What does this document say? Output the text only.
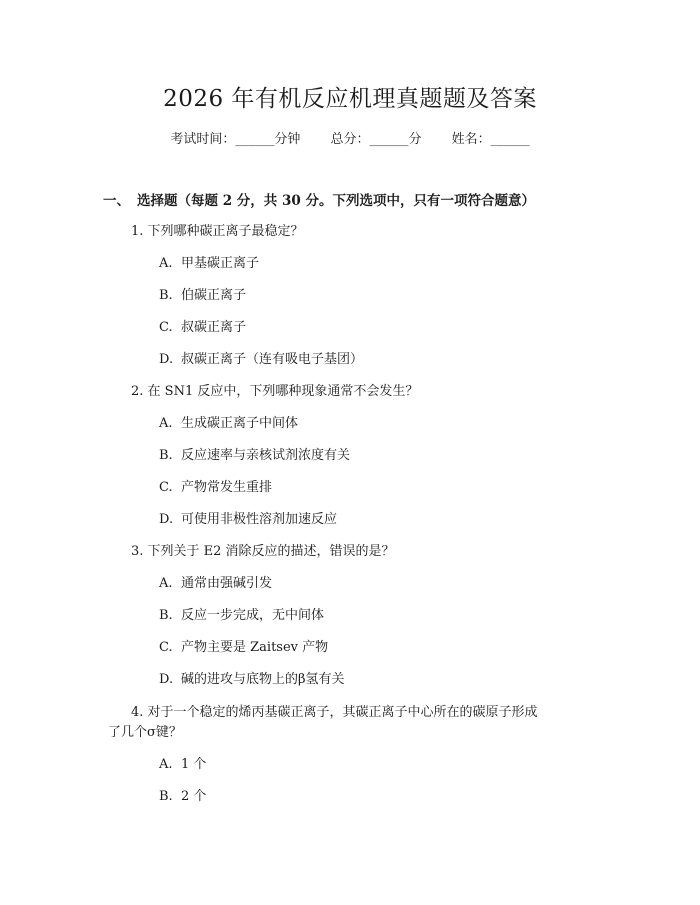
2026 年有机反应机理真题题及答案
考试时间：______分钟 总分：______分 姓名：______
一、 选择题（每题 2 分，共 30 分。下列选项中，只有一项符合题意）
1. 下列哪种碳正离子最稳定？
A. 甲基碳正离子
B. 伯碳正离子
C. 叔碳正离子
D. 叔碳正离子（连有吸电子基团）
2. 在 SN1 反应中，下列哪种现象通常不会发生？
A. 生成碳正离子中间体
B. 反应速率与亲核试剂浓度有关
C. 产物常发生重排
D. 可使用非极性溶剂加速反应
3. 下列关于 E2 消除反应的描述，错误的是？
A. 通常由强碱引发
B. 反应一步完成，无中间体
C. 产物主要是 Zaitsev 产物
D. 碱的进攻与底物上的β氢有关
4. 对于一个稳定的烯丙基碳正离子，其碳正离子中心所在的碳原子形成了几个σ键？
A. 1 个
B. 2 个
